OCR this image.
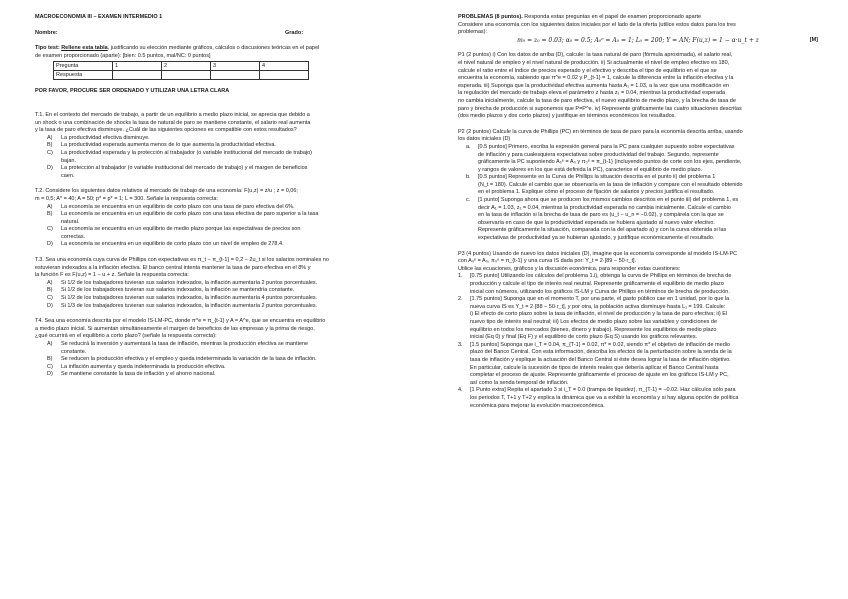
MACROECONOMÍA III – EXAMEN INTERMEDIO 1

Nombre:	Grado:

Tipo test: Rellene esta tabla, justificando su elección mediante gráficos, cálculos o discusiones teóricas en el papel

de examen proporcionado (aparte): [bien: 0.5 puntos, mal/NC: 0 puntos]

Pregunta	1	2	3	4
Respuesta				

POR FAVOR, PROCURE SER ORDENADO Y UTILIZAR UNA LETRA CLARA

T.1. En el contexto del mercado de trabajo, a partir de un equilibrio a medio plazo inicial, se aprecia que debido a

un shock o una combinación de shocks la tasa de natural de paro se mantiene constante, el salario real aumenta

y la tasa de paro efectiva disminuye. ¿Cuál de las siguientes opciones es compatible con estos resultados?

A)	La productividad efectiva disminuye.
B)	La productividad esperada aumenta menos de lo que aumenta la productividad efectiva.
C)	La productividad esperada y la protección al trabajador (o variable institucional del mercado de trabajo)
bajan.
D)	La protección al trabajador (o variable institucional del mercado de trabajo) y el margen de beneficios
caen.

T.2. Considere los siguientes datos relativos al mercado de trabajo de una economía: F(u,z) = z/u ; z = 0,06;

m = 0,5; A* = 40; A = 50; p* = p* = 1; L = 300. Señale la respuesta correcta:

A)	La economía se encuentra en un equilibrio de corto plazo con una tasa de paro efectiva del 6%.
B)	La economía se encuentra en un equilibrio de corto plazo con una tasa efectiva de paro superior a la tasa
natural.
C)	La economía se encuentra en un equilibrio de medio plazo porque las expectativas de precios son
correctas.
D)	La economía se encuentra en un equilibrio de corto plazo con un nivel de empleo de 278.4.

T.3. Sea una economía cuya curva de Phillips con expectativas es π_t − π_{t-1} = 0,2 − 2u_t si los salarios nominales no

estuvieran indexados a la inflación efectiva. El banco central intenta mantener la tasa de paro efectiva en el 8% y

la función F es F(u,z) = 1 − u + z. Señale la respuesta correcta:

A)	Si 1/2 de los trabajadores tuvieran sus salarios indexados, la inflación aumentaría 2 puntos porcentuales.
B)	Si 1/2 de los trabajadores tuvieran sus salarios indexados, la inflación se mantendría constante.
C)	Si 1/2 de los trabajadores tuvieran sus salarios indexados, la inflación aumentaría 4 puntos porcentuales.
D)	Si 1/3 de los trabajadores tuvieran sus salarios indexados, la inflación aumentaría 2 puntos porcentuales.

T4. Sea una economía descrita por el modelo IS-LM-PC, donde π^e = π_{t-1} y A = A^e, que se encuentra en equilibrio

a medio plazo inicial. Si aumentan simultáneamente el margen de beneficios de las empresas y la prima de riesgo,

¿qué ocurrirá en el equilibrio a corto plazo? (señale la respuesta correcta):

A)	Se reducirá la inversión y aumentará la tasa de inflación, mientras la producción efectiva se mantiene
constante.
B)	Se reducen la producción efectiva y el empleo y queda indeterminada la variación de la tasa de inflación.
C)	La inflación aumenta y queda indeterminada la producción efectiva.
D)	Se mantiene constante la tasa de inflación y el ahorro nacional.

PROBLEMAS (8 puntos). Responda estas preguntas en el papel de examen proporcionado aparte

Considere una economía con los siguientes datos iniciales por el lado de la oferta (utilice estos datos para los tres

problemas):

m₀ = z₀ = 0.03; α₀ = 0.5; A₀ᵉ = A₀ = 1; L₀ = 200; Y = AN; F(u,z) = 1 − α·u_t + z	[M]

P1 (2 puntos) i) Con los datos de arriba (D), calcule: la tasa natural de paro (fórmula aproximada), el salario real,

el nivel natural de empleo y el nivel natural de producción. ii) Si actualmente el nivel de empleo efectivo es 180,

calcule el ratio entre el índice de precios esperado y el efectivo y describa el tipo de equilibrio en el que se

encuentra la economía, sabiendo que π^e = 0.02 y P_{t-1} = 1, calcule la diferencia entre la inflación efectiva y la

esperada. iii) Suponga que la productividad efectiva aumenta hasta A₁ = 1.03, a la vez que una modificación en

la regulación del mercado de trabajo eleva el parámetro z hasta z₁ = 0.04, mientras la productividad esperada

no cambia inicialmente, calcule la tasa de paro efectiva, el nuevo equilibrio de medio plazo, y la brecha de tasa de

paro y brecha de producción si suponemos que P=P^e. iv) Represente gráficamente las cuatro situaciones descritas

(dos medio plazos y dos corto plazos) y justifique en términos económicos los resultados.

P2 (2 puntos) Calcule la curva de Phillips (PC) en términos de tasa de paro para la economía descrita arriba, usando

los datos iniciales (D)

a.	[0.5 puntos] Primero, escriba la expresión general para la PC para cualquier supuesto sobre expectativas

de inflación y para cualesquiera expectativas sobre productividad del trabajo. Segundo, represente

gráficamente la PC suponiendo A₀ᵉ = A₀ y π₀ᵉ = π_{t-1} (incluyendo puntos de corte con los ejes, pendiente,

y rangos de valores en los que está definida la PC), caracterice el equilibrio de medio plazo.

b.	[0.5 puntos] Represente en la Curva de Phillips la situación descrita en el punto ii) del problema 1

(N_t = 180). Calcule el cambio que se observaría en la tasa de inflación y compare con el resultado obtenido

en el problema 1. Explique cómo el proceso de fijación de salarios y precios justifica el resultado.

c.	[1 punto] Suponga ahora que se producen los mismos cambios descritos en el punto iii) del problema 1, es

decir A₁ = 1.03, z₁ = 0.04, mientras la productividad esperada no cambia inicialmente. Calcule el cambio

en la tasa de inflación si la brecha de tasa de paro es (u_t − u_n = −0.02), y compárela con la que se

observaría en caso de que la productividad esperada se hubiera ajustado al nuevo valor efectivo.

Represente gráficamente la situación, comparada con la del apartado a) y con la curva obtenida si las

expectativas de productividad ya se hubieran ajustado, y justifique económicamente el resultado.

P3 (4 puntos) Usando de nuevo los datos iniciales (D), imagine que la economía corresponde al modelo IS-LM-PC

con A₀ᵉ = A₀, π₀ᵉ = π_{t-1} y una curva IS dada por: Y_t = 2·[89 − 50·r_t].

Utilice las ecuaciones, gráficos y la discusión económica, para responder estas cuestiones:

1.	[0.75 punto] Utilizando los cálculos del problema 1.i), obtenga la curva de Phillips en términos de brecha de

producción y calcule el tipo de interés real neutral. Represente gráficamente el equilibrio de medio plazo

inicial con números, utilizando los gráficos IS-LM y Curva de Phillips en términos de brecha de producción.

2.	[1.75 puntos] Suponga que en el momento T, por una parte, el gasto público cae en 1 unidad, por lo que la

nueva curva IS es Y_t = 2·[88 − 50·r_t], y por otra, la población activa disminuye hasta L₁ = 199. Calcule:

i) El efecto de corto plazo sobre la tasa de inflación, el nivel de producción y la tasa de paro efectiva; ii) El

nuevo tipo de interés real neutral; iii) Los efectos de medio plazo sobre las variables y condiciones de

equilibrio en todos los mercados (bienes, dinero y trabajo). Represente los equilibrios de medio plazo

inicial (Eq 0) y final (Eq F) y el equilibrio de corto plazo (Eq S) usando los gráficos relevantes.

3.	[1.5 puntos] Suponga que i_T = 0.04, π_{T-1} = 0.02, π* = 0.02, siendo π* el objetivo de inflación de medio

plazo del Banco Central. Con esta información, describa los efectos de la perturbación sobre la senda de la

tasa de inflación y explique la actuación del Banco Central si éste desea lograr la tasa de inflación objetivo.

En particular, calcule la sucesión de tipos de interés reales que debería aplicar el Banco Central hasta

completar el proceso de ajuste. Represente gráficamente el proceso de ajuste en los gráficos IS-LM y PC,

así como la senda temporal de inflación.

4.	[1 Punto extra] Repita el apartado 3 si i_T = 0.0 (trampa de liquidez), π_{T-1} = −0.02. Haz cálculos sólo para

los periodos T, T+1 y T+2 y explica la dinámica que va a exhibir la economía y si hay alguna opción de política

económica para mejorar la evolución macroeconómica.
